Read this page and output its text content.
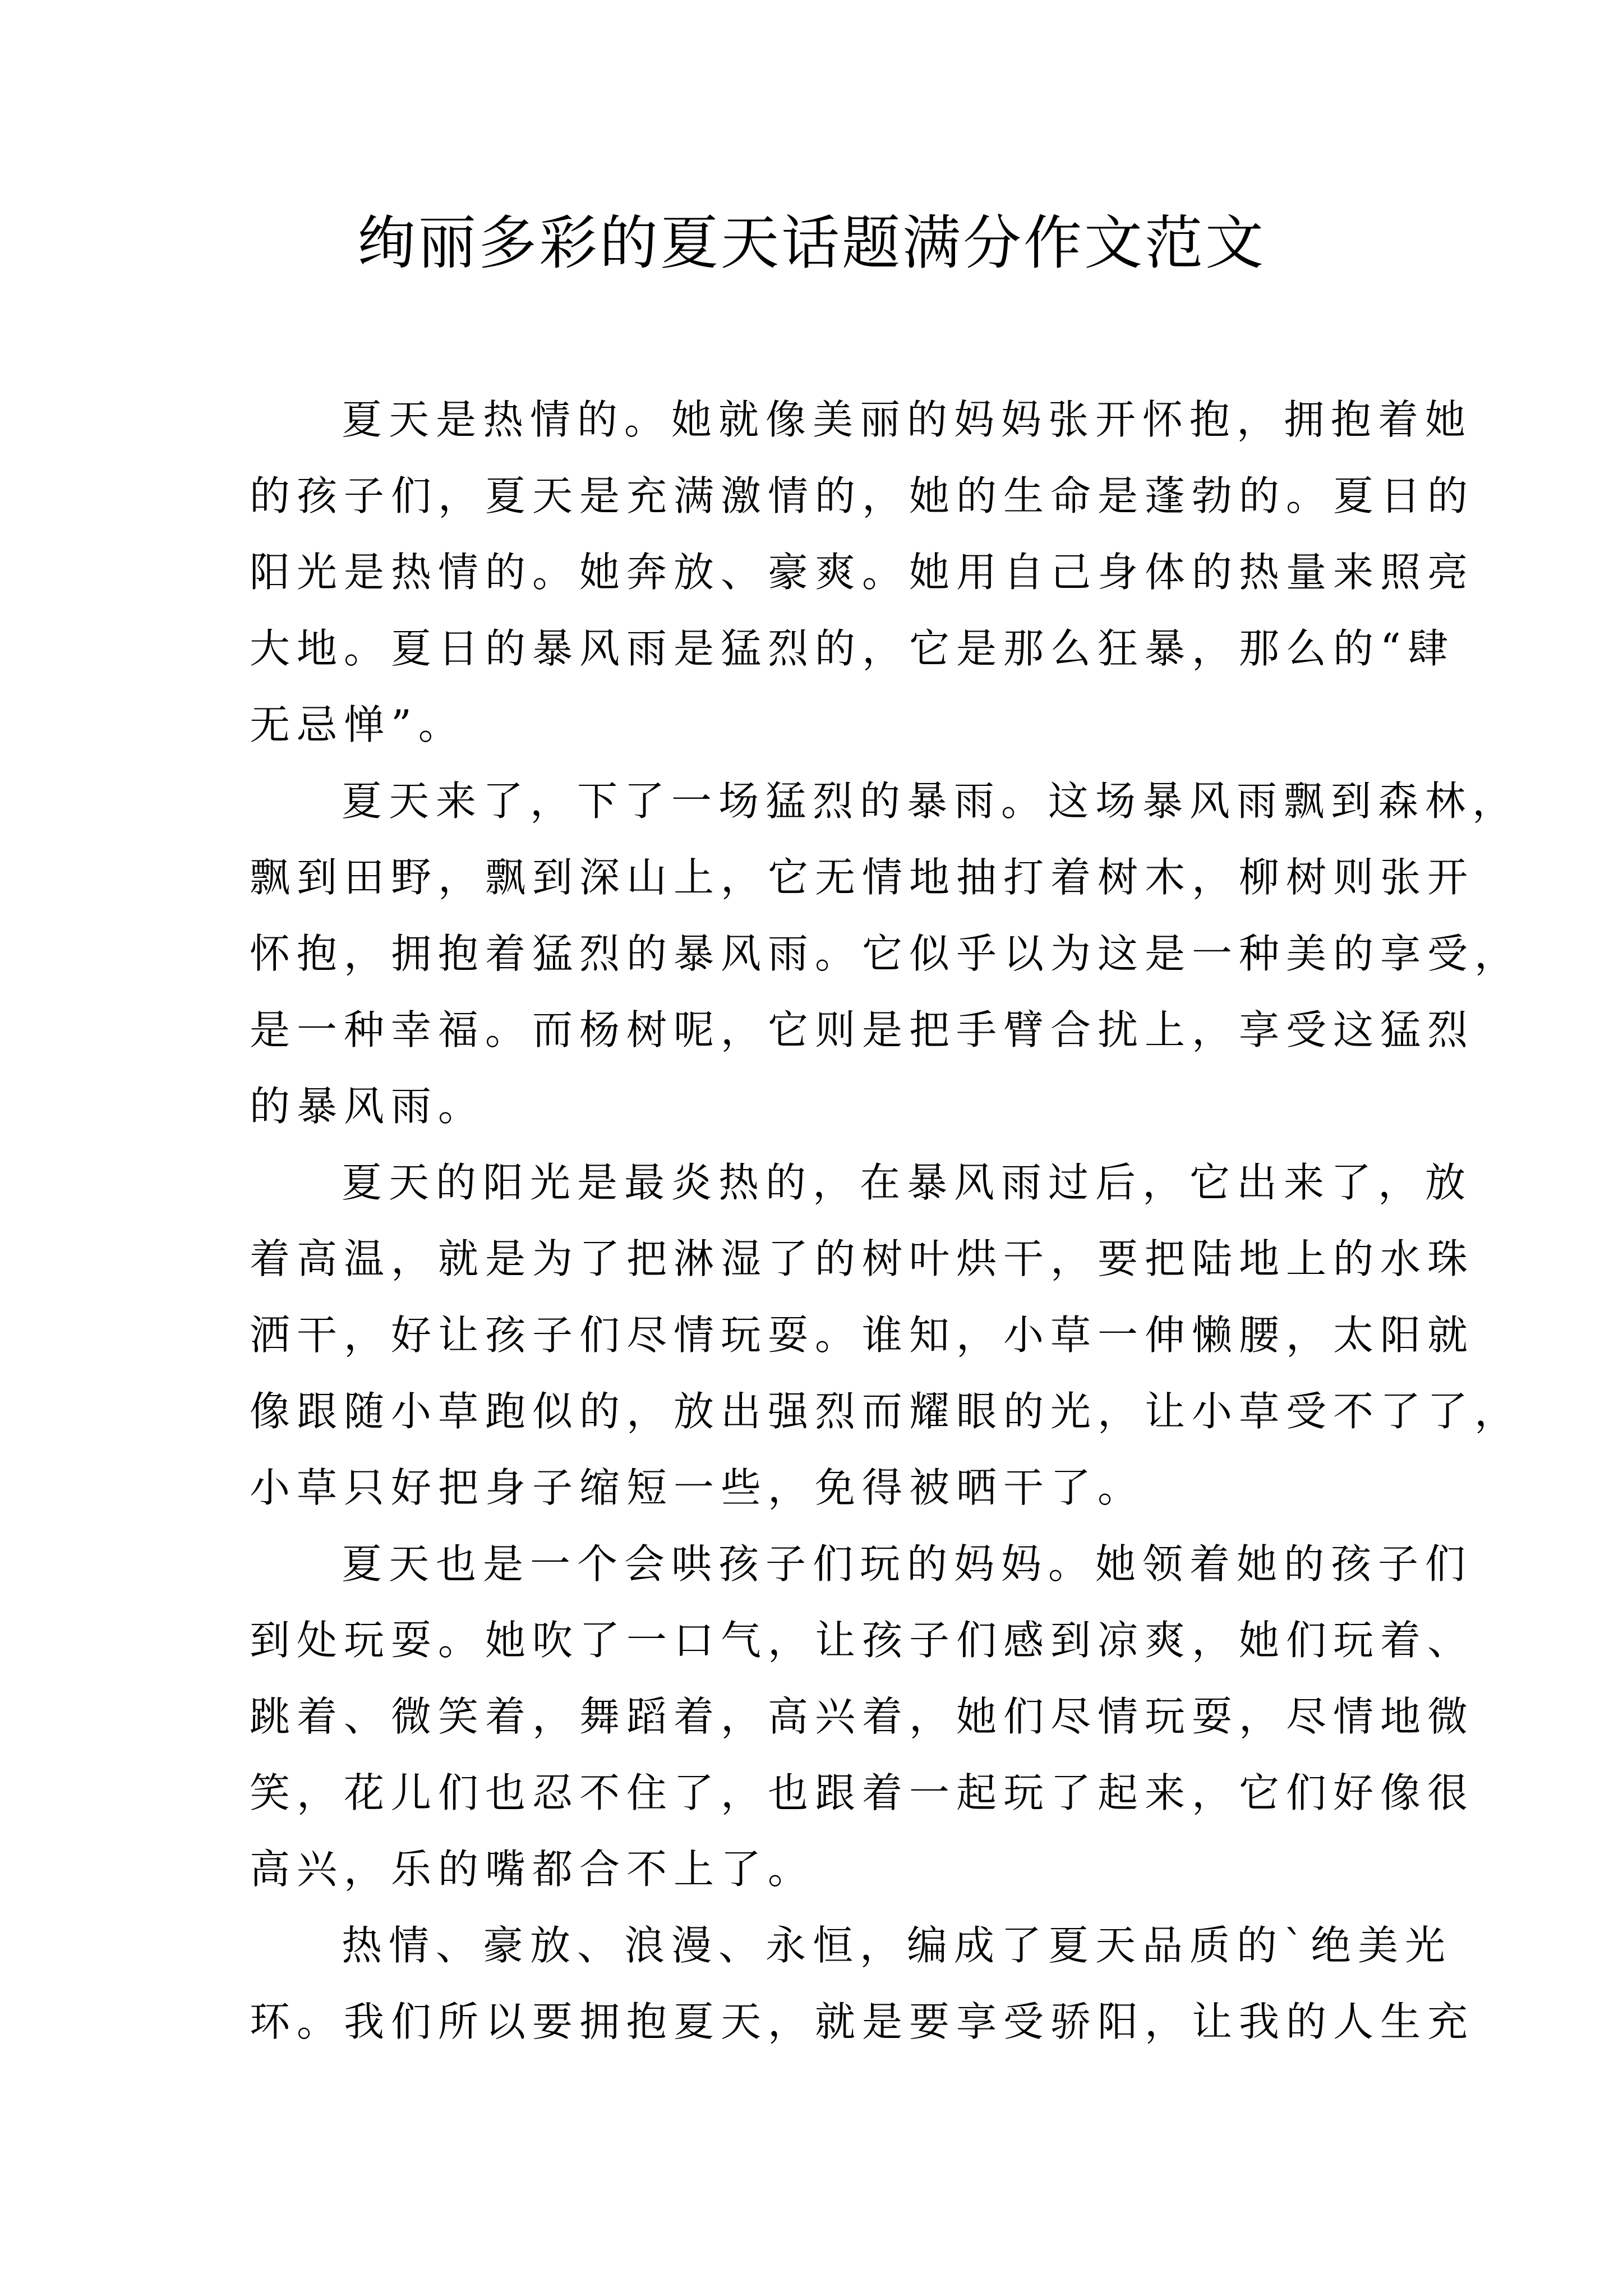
绚丽多彩的夏天话题满分作文范文
夏天是热情的。她就像美丽的妈妈张开怀抱，拥抱着她
的孩子们，夏天是充满激情的，她的生命是蓬勃的。夏日的
阳光是热情的。她奔放、豪爽。她用自己身体的热量来照亮
大地。夏日的暴风雨是猛烈的，它是那么狂暴，那么的“肆
无忌惮”。
夏天来了，下了一场猛烈的暴雨。这场暴风雨飘到森林，
飘到田野，飘到深山上，它无情地抽打着树木，柳树则张开
怀抱，拥抱着猛烈的暴风雨。它似乎以为这是一种美的享受，
是一种幸福。而杨树呢，它则是把手臂合扰上，享受这猛烈
的暴风雨。
夏天的阳光是最炎热的，在暴风雨过后，它出来了，放
着高温，就是为了把淋湿了的树叶烘干，要把陆地上的水珠
洒干，好让孩子们尽情玩耍。谁知，小草一伸懒腰，太阳就
像跟随小草跑似的，放出强烈而耀眼的光，让小草受不了了，
小草只好把身子缩短一些，免得被晒干了。
夏天也是一个会哄孩子们玩的妈妈。她领着她的孩子们
到处玩耍。她吹了一口气，让孩子们感到凉爽，她们玩着、
跳着、微笑着，舞蹈着，高兴着，她们尽情玩耍，尽情地微
笑，花儿们也忍不住了，也跟着一起玩了起来，它们好像很
高兴，乐的嘴都合不上了。
热情、豪放、浪漫、永恒，编成了夏天品质的`绝美光
环。我们所以要拥抱夏天，就是要享受骄阳，让我的人生充
